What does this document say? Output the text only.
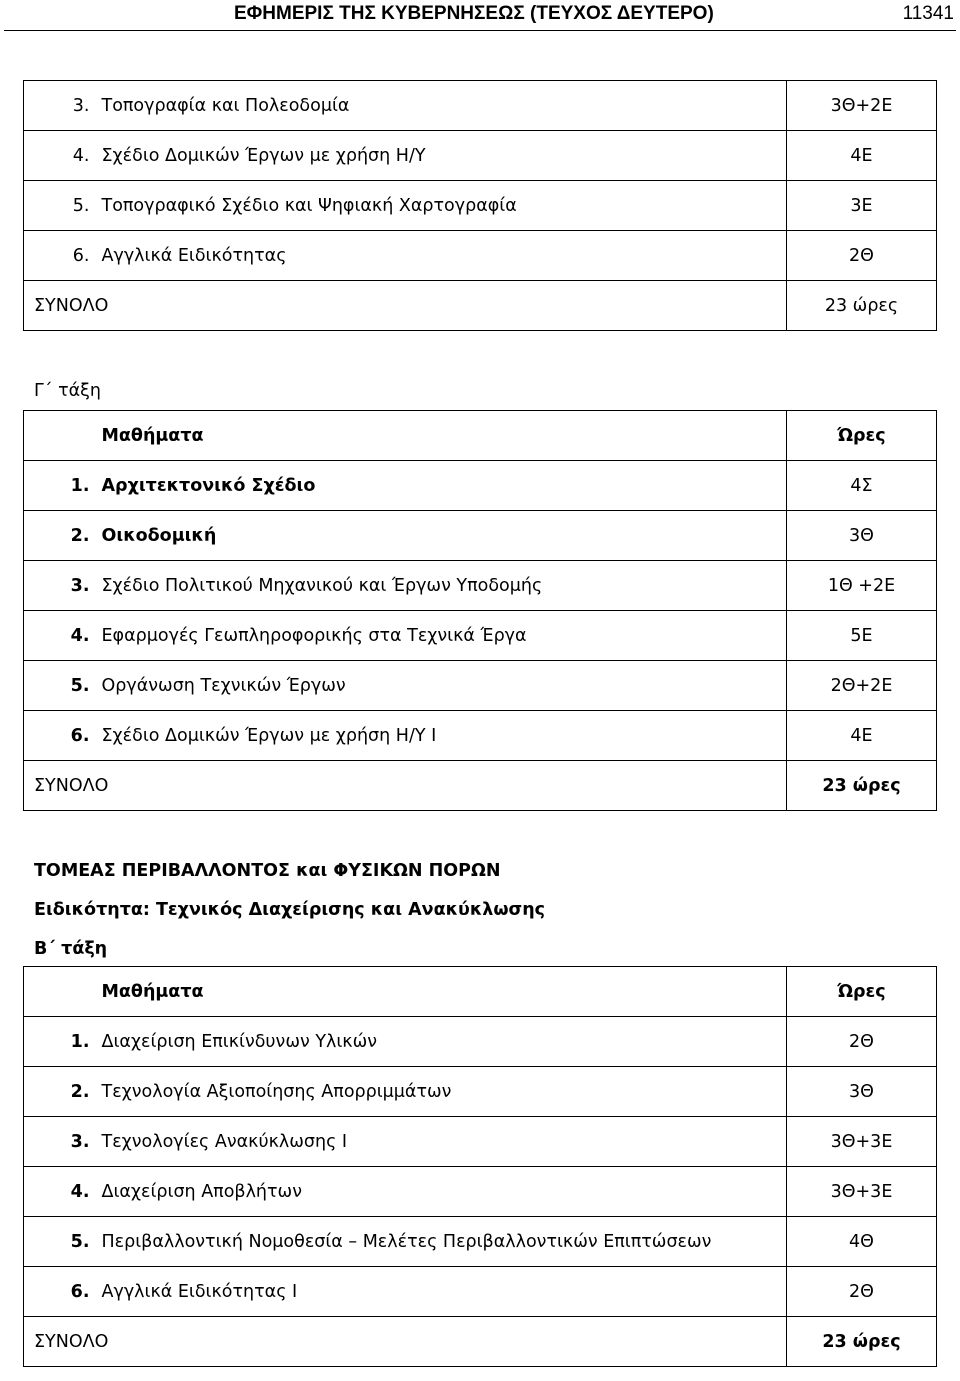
ΕΦΗΜΕΡΙΣ ΤΗΣ ΚΥΒΕΡΝΗΣΕΩΣ (ΤΕΥΧΟΣ ΔΕΥΤΕΡΟ)	11341
3.	Τοπογραφία και Πολεοδομία	3Θ+2Ε
4.	Σχέδιο Δομικών Έργων με χρήση Η/Υ	4Ε
5.	Τοπογραφικό Σχέδιο και Ψηφιακή Χαρτογραφία	3Ε
6.	Αγγλικά Ειδικότητας	2Θ
ΣΥΝΟΛΟ		23 ώρες
Γ΄ τάξη
	Μαθήματα	Ώρες
1.	Αρχιτεκτονικό Σχέδιο	4Σ
2.	Οικοδομική	3Θ
3.	Σχέδιο Πολιτικού Μηχανικού και Έργων Υποδομής	1Θ +2Ε
4.	Εφαρμογές Γεωπληροφορικής στα Τεχνικά Έργα	5Ε
5.	Οργάνωση Τεχνικών Έργων	2Θ+2Ε
6.	Σχέδιο Δομικών Έργων με χρήση Η/Υ Ι	4Ε
ΣΥΝΟΛΟ		23 ώρες
ΤΟΜΕΑΣ ΠΕΡΙΒΑΛΛΟΝΤΟΣ και ΦΥΣΙΚΩΝ ΠΟΡΩΝ
Ειδικότητα: Τεχνικός Διαχείρισης και Ανακύκλωσης
Β΄ τάξη
	Μαθήματα	Ώρες
1.	Διαχείριση Επικίνδυνων Υλικών	2Θ
2.	Τεχνολογία Αξιοποίησης Απορριμμάτων	3Θ
3.	Τεχνολογίες Ανακύκλωσης Ι	3Θ+3Ε
4.	Διαχείριση Αποβλήτων	3Θ+3Ε
5.	Περιβαλλοντική Νομοθεσία – Μελέτες Περιβαλλοντικών Επιπτώσεων	4Θ
6.	Αγγλικά Ειδικότητας Ι	2Θ
ΣΥΝΟΛΟ		23 ώρες
